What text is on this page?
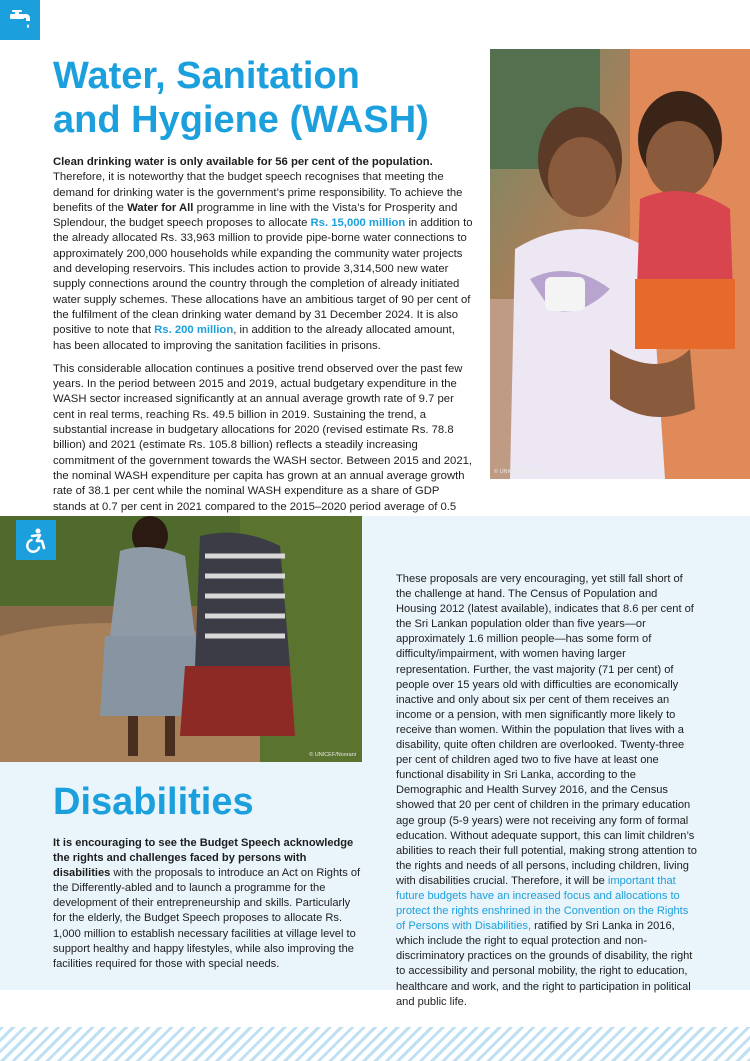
Water, Sanitation
and Hygiene (WASH)

Clean drinking water is only available for 56 per cent of the population. Therefore, it is noteworthy that the budget speech recognises that meeting the demand for drinking water is the government’s prime responsibility. To achieve the benefits of the Water for All programme in line with the Vista’s for Prosperity and Splendour, the budget speech proposes to allocate Rs. 15,000 million in addition to the already allocated Rs. 33,963 million to provide pipe-borne water connections to approximately 200,000 households while expanding the community water projects and developing reservoirs. This includes action to provide 3,314,500 new water supply connections around the country through the completion of already initiated water supply schemes. These allocations have an ambitious target of 90 per cent of the fulfilment of the clean drinking water demand by 31 December 2024. It is also positive to note that Rs. 200 million, in addition to the already allocated amount, has been allocated to improving the sanitation facilities in prisons.

This considerable allocation continues a positive trend observed over the past few years. In the period between 2015 and 2019, actual budgetary expenditure in the WASH sector increased significantly at an annual average growth rate of 9.7 per cent in real terms, reaching Rs. 49.5 billion in 2019. Sustaining the trend, a substantial increase in budgetary allocations for 2020 (revised estimate Rs. 78.8 billion) and 2021 (estimate Rs. 105.8 billion) reflects a steadily increasing commitment of the government towards the WASH sector. Between 2015 and 2021, the nominal WASH expenditure per capita has grown at an annual average growth rate of 38.1 per cent while the nominal WASH expenditure as a share of GDP stands at 0.7 per cent in 2021 compared to the 2015–2020 period average of 0.5

© UNICEF/Noorani
© UNICEF/Noorani
Disabilities

It is encouraging to see the Budget Speech acknowledge the rights and challenges faced by persons with disabilities with the proposals to introduce an Act on Rights of the Differently-abled and to launch a programme for the development of their entrepreneurship and skills. Particularly for the elderly, the Budget Speech proposes to allocate Rs. 1,000 million to establish necessary facilities at village level to support healthy and happy lifestyles, while also improving the facilities required for those with special needs.

These proposals are very encouraging, yet still fall short of the challenge at hand. The Census of Population and Housing 2012 (latest available), indicates that 8.6 per cent of the Sri Lankan population older than five years—or approximately 1.6 million people—has some form of difficulty/impairment, with women having larger representation. Further, the vast majority (71 per cent) of people over 15 years old with difficulties are economically inactive and only about six per cent of them receives an income or a pension, with men significantly more likely to receive than women. Within the population that lives with a disability, quite often children are overlooked. Twenty-three per cent of children aged two to five have at least one functional disability in Sri Lanka, according to the Demographic and Health Survey 2016, and the Census showed that 20 per cent of children in the primary education age group (5-9 years) were not receiving any form of formal education. Without adequate support, this can limit children’s abilities to reach their full potential, making strong attention to the rights and needs of all persons, including children, living with disabilities crucial. Therefore, it will be important that future budgets have an increased focus and allocations to protect the rights enshrined in the Convention on the Rights of Persons with Disabilities, ratified by Sri Lanka in 2016, which include the right to equal protection and non-discriminatory practices on the grounds of disability, the right to accessibility and personal mobility, the right to education, healthcare and work, and the right to participation in political and public life.
